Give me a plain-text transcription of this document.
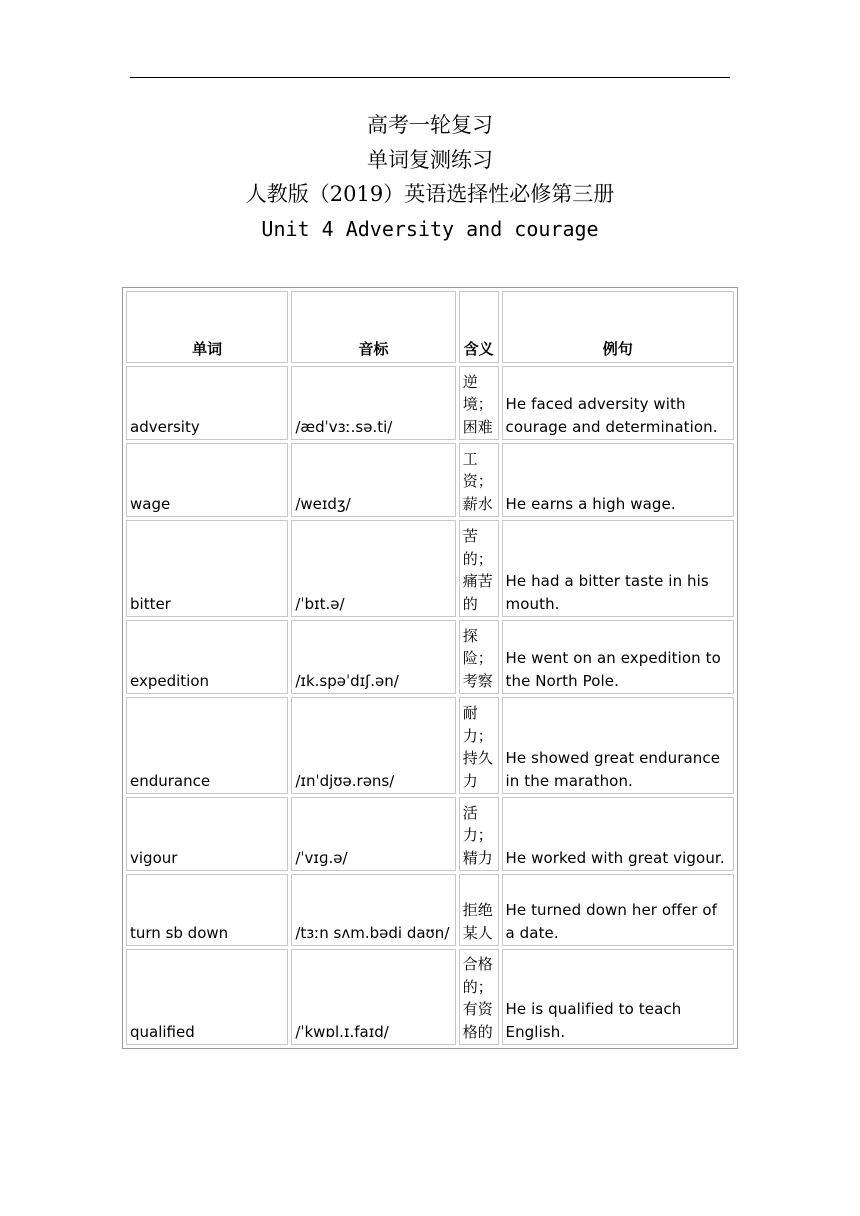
高考一轮复习
单词复测练习
人教版（2019）英语选择性必修第三册
Unit 4 Adversity and courage
单词	音标	含义	例句
adversity	/ædˈvɜː.sə.ti/	逆境；困难	He faced adversity with courage and determination.
wage	/weɪdʒ/	工资；薪水	He earns a high wage.
bitter	/ˈbɪt.ə/	苦的；痛苦的	He had a bitter taste in his mouth.
expedition	/ɪk.spəˈdɪʃ.ən/	探险；考察	He went on an expedition to the North Pole.
endurance	/ɪnˈdjʊə.rəns/	耐力；持久力	He showed great endurance in the marathon.
vigour	/ˈvɪɡ.ə/	活力；精力	He worked with great vigour.
turn sb down	/tɜːn sʌm.bədi daʊn/	拒绝某人	He turned down her offer of a date.
qualified	/ˈkwɒl.ɪ.faɪd/	合格的；有资格的	He is qualified to teach English.
